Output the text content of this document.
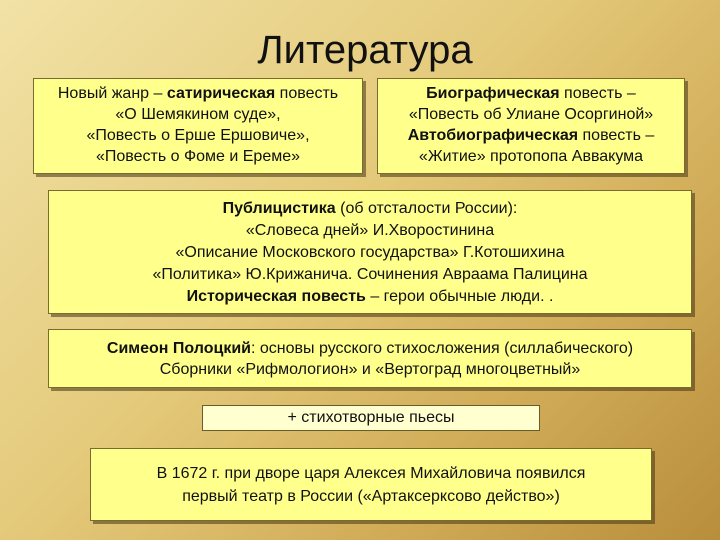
Литература
Новый жанр – сатирическая повесть
«О Шемякином суде»,
«Повесть о Ерше Ершовиче»,
«Повесть о Фоме и Ереме»
Биографическая повесть –
«Повесть об Улиане Осоргиной»
Автобиографическая повесть –
«Житие» протопопа Аввакума
Публицистика (об отсталости России):
«Словеса дней» И.Хворостинина
«Описание Московского государства» Г.Котошихина
«Политика» Ю.Крижанича. Сочинения Авраама Палицина
Историческая повесть – герои обычные люди. .
Симеон Полоцкий: основы русского стихосложения (силлабического)
Сборники «Рифмологион» и «Вертоград многоцветный»
+ стихотворные пьесы
В 1672 г. при дворе царя Алексея Михайловича появился
первый театр в России («Артаксерксово действо»)
